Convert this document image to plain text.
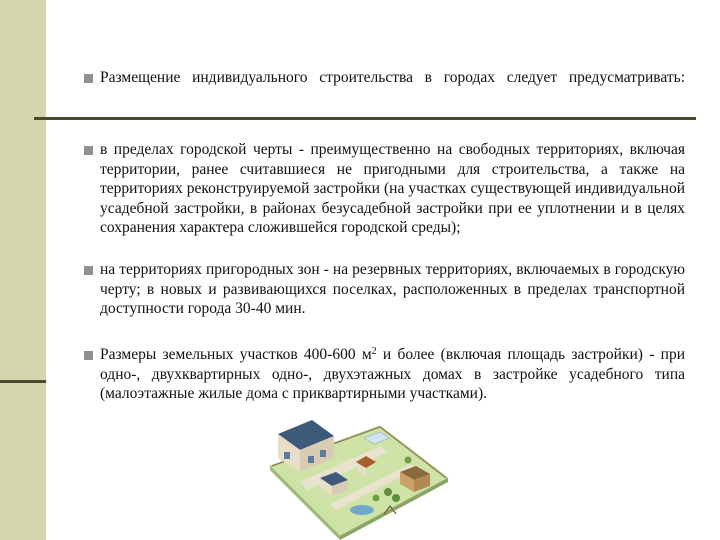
Размещение индивидуального строительства в городах следует предусматривать:

в пределах городской черты - преимущественно на свободных территориях, включая территории, ранее считавшиеся не пригодными для строительства, а также на территориях реконструируемой застройки (на участках существующей индивидуальной усадебной застройки, в районах безусадебной застройки при ее уплотнении и в целях сохранения характера сложившейся городской среды);

на территориях пригородных зон - на резервных территориях, включаемых в городскую черту; в новых и развивающихся поселках, расположенных в пределах транспортной доступности города 30-40 мин.

Размеры земельных участков 400-600 $м^2$ и более (включая площадь застройки) - при одно-, двухквартирных одно-, двухэтажных домах в застройке усадебного типа (малоэтажные жилые дома с приквартирными участками).
